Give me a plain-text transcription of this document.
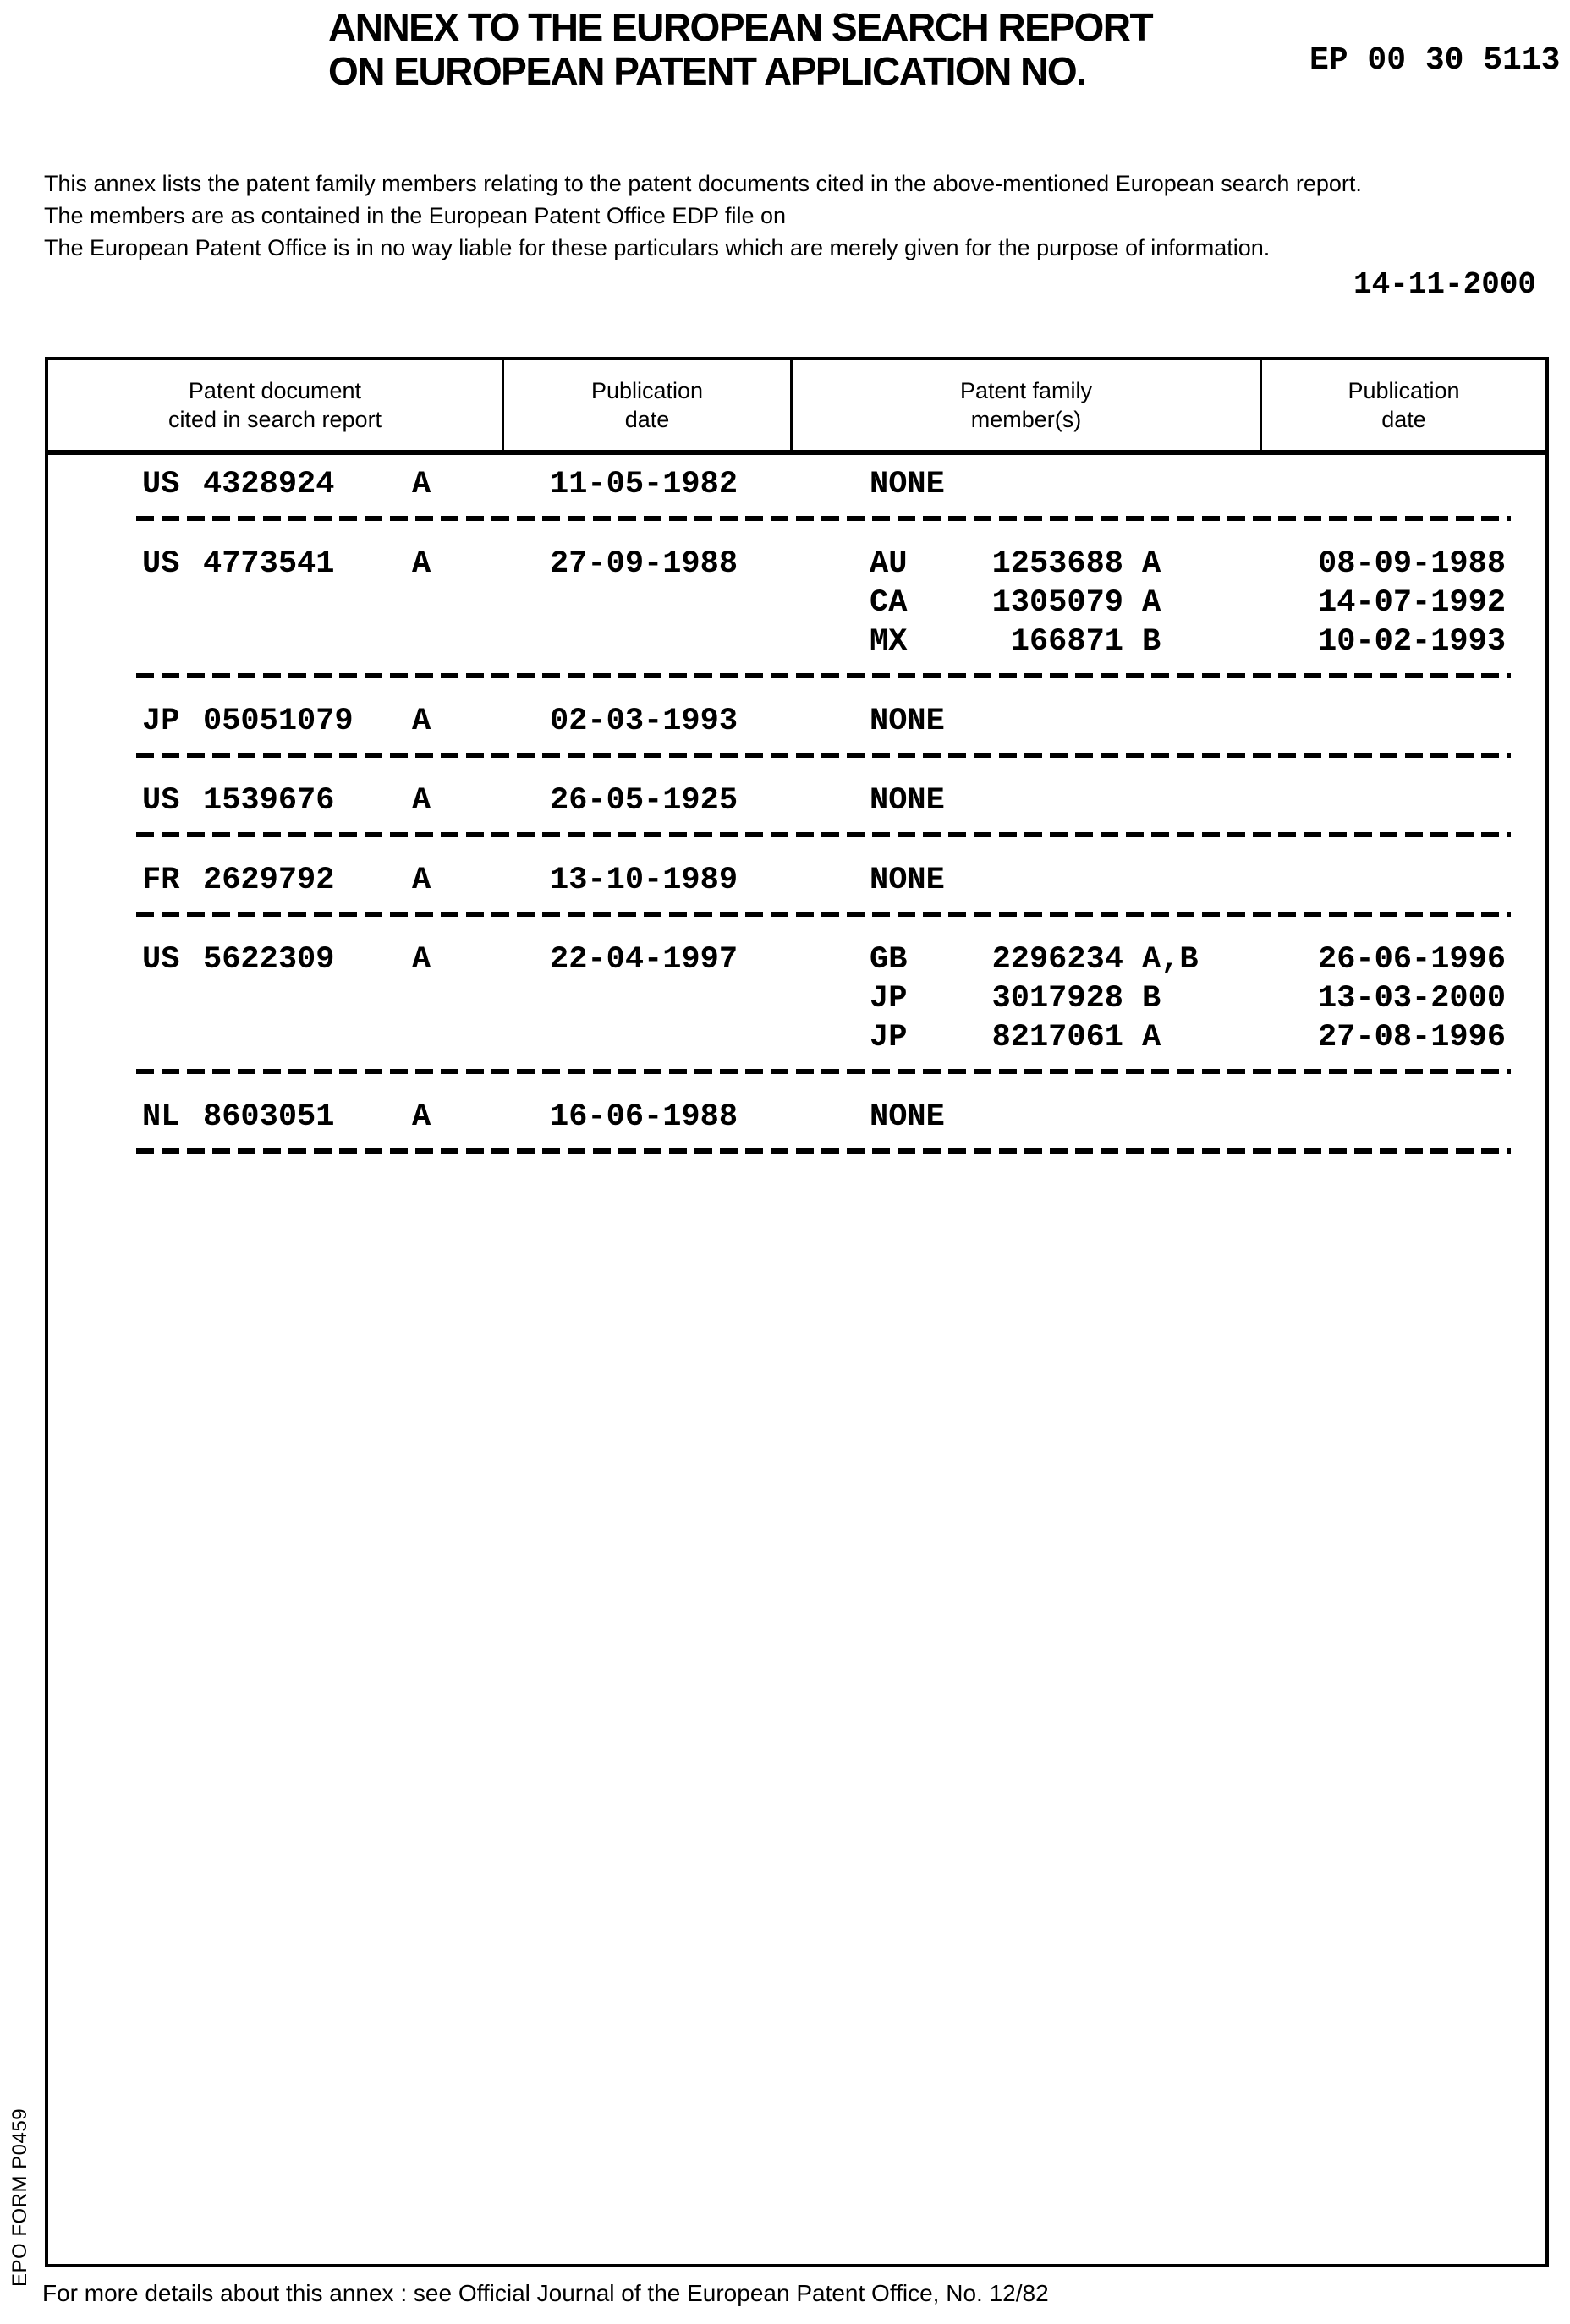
ANNEX TO THE EUROPEAN SEARCH REPORT
ON EUROPEAN PATENT APPLICATION NO.	EP 00 30 5113
This annex lists the patent family members relating to the patent documents cited in the above-mentioned European search report.
The members are as contained in the European Patent Office EDP file on
The European Patent Office is in no way liable for these particulars which are merely given for the purpose of information.
14-11-2000
Patent document
cited in search report
Publication
date
Patent family
member(s)
Publication
date
US 4328924 A	11-05-1982	NONE
US 4773541 A	27-09-1988	AU	1253688 A	08-09-1988
CA	1305079 A	14-07-1992
MX	166871 B	10-02-1993
JP 05051079 A	02-03-1993	NONE
US 1539676 A	26-05-1925	NONE
FR 2629792 A	13-10-1989	NONE
US 5622309 A	22-04-1997	GB	2296234 A,B	26-06-1996
JP	3017928 B	13-03-2000
JP	8217061 A	27-08-1996
NL 8603051 A	16-06-1988	NONE
EPO FORM P0459
For more details about this annex : see Official Journal of the European Patent Office, No. 12/82
